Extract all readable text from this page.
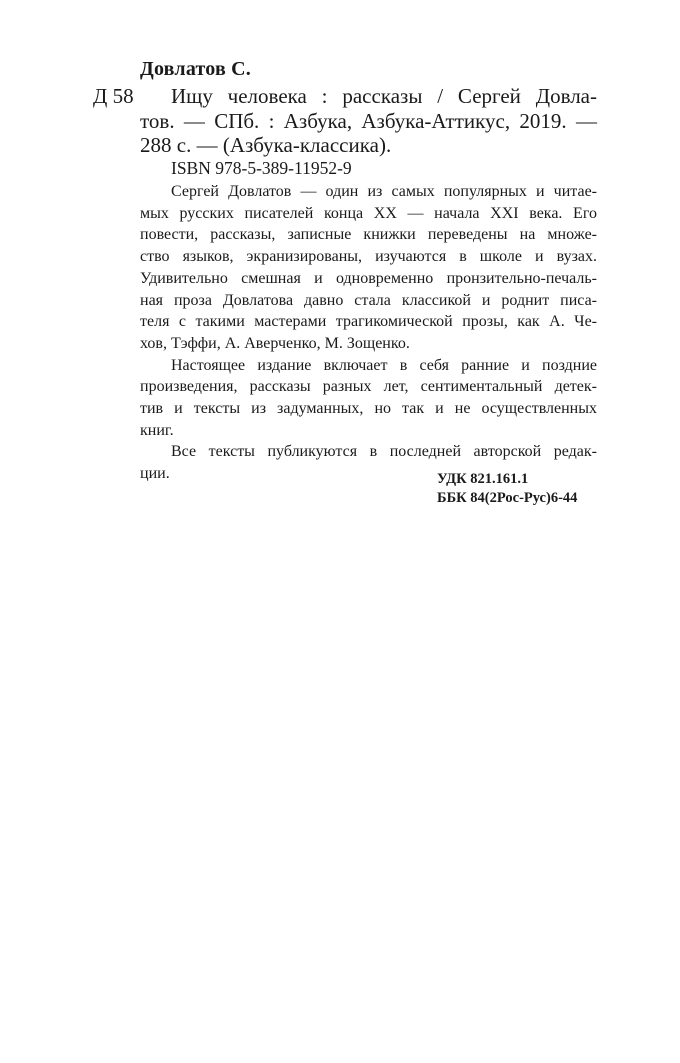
Довлатов С.
Д 58 Ищу человека : рассказы / Сергей Довла-
тов. — СПб. : Азбука, Азбука-Аттикус, 2019. —
288 с. — (Азбука-классика).
ISBN 978-5-389-11952-9

Сергей Довлатов — один из самых популярных и читае-
мых русских писателей конца XX — начала XXI века. Его
повести, рассказы, записные книжки переведены на множе-
ство языков, экранизированы, изучаются в школе и вузах.
Удивительно смешная и одновременно пронзительно-печаль-
ная проза Довлатова давно стала классикой и роднит писа-
теля с такими мастерами трагикомической прозы, как А. Че-
хов, Тэффи, А. Аверченко, М. Зощенко.

Настоящее издание включает в себя ранние и поздние
произведения, рассказы разных лет, сентиментальный детек-
тив и тексты из задуманных, но так и не осуществленных
книг.

Все тексты публикуются в последней авторской редак-
ции.	УДК 821.161.1
ББК 84(2Рос-Рус)6-44
